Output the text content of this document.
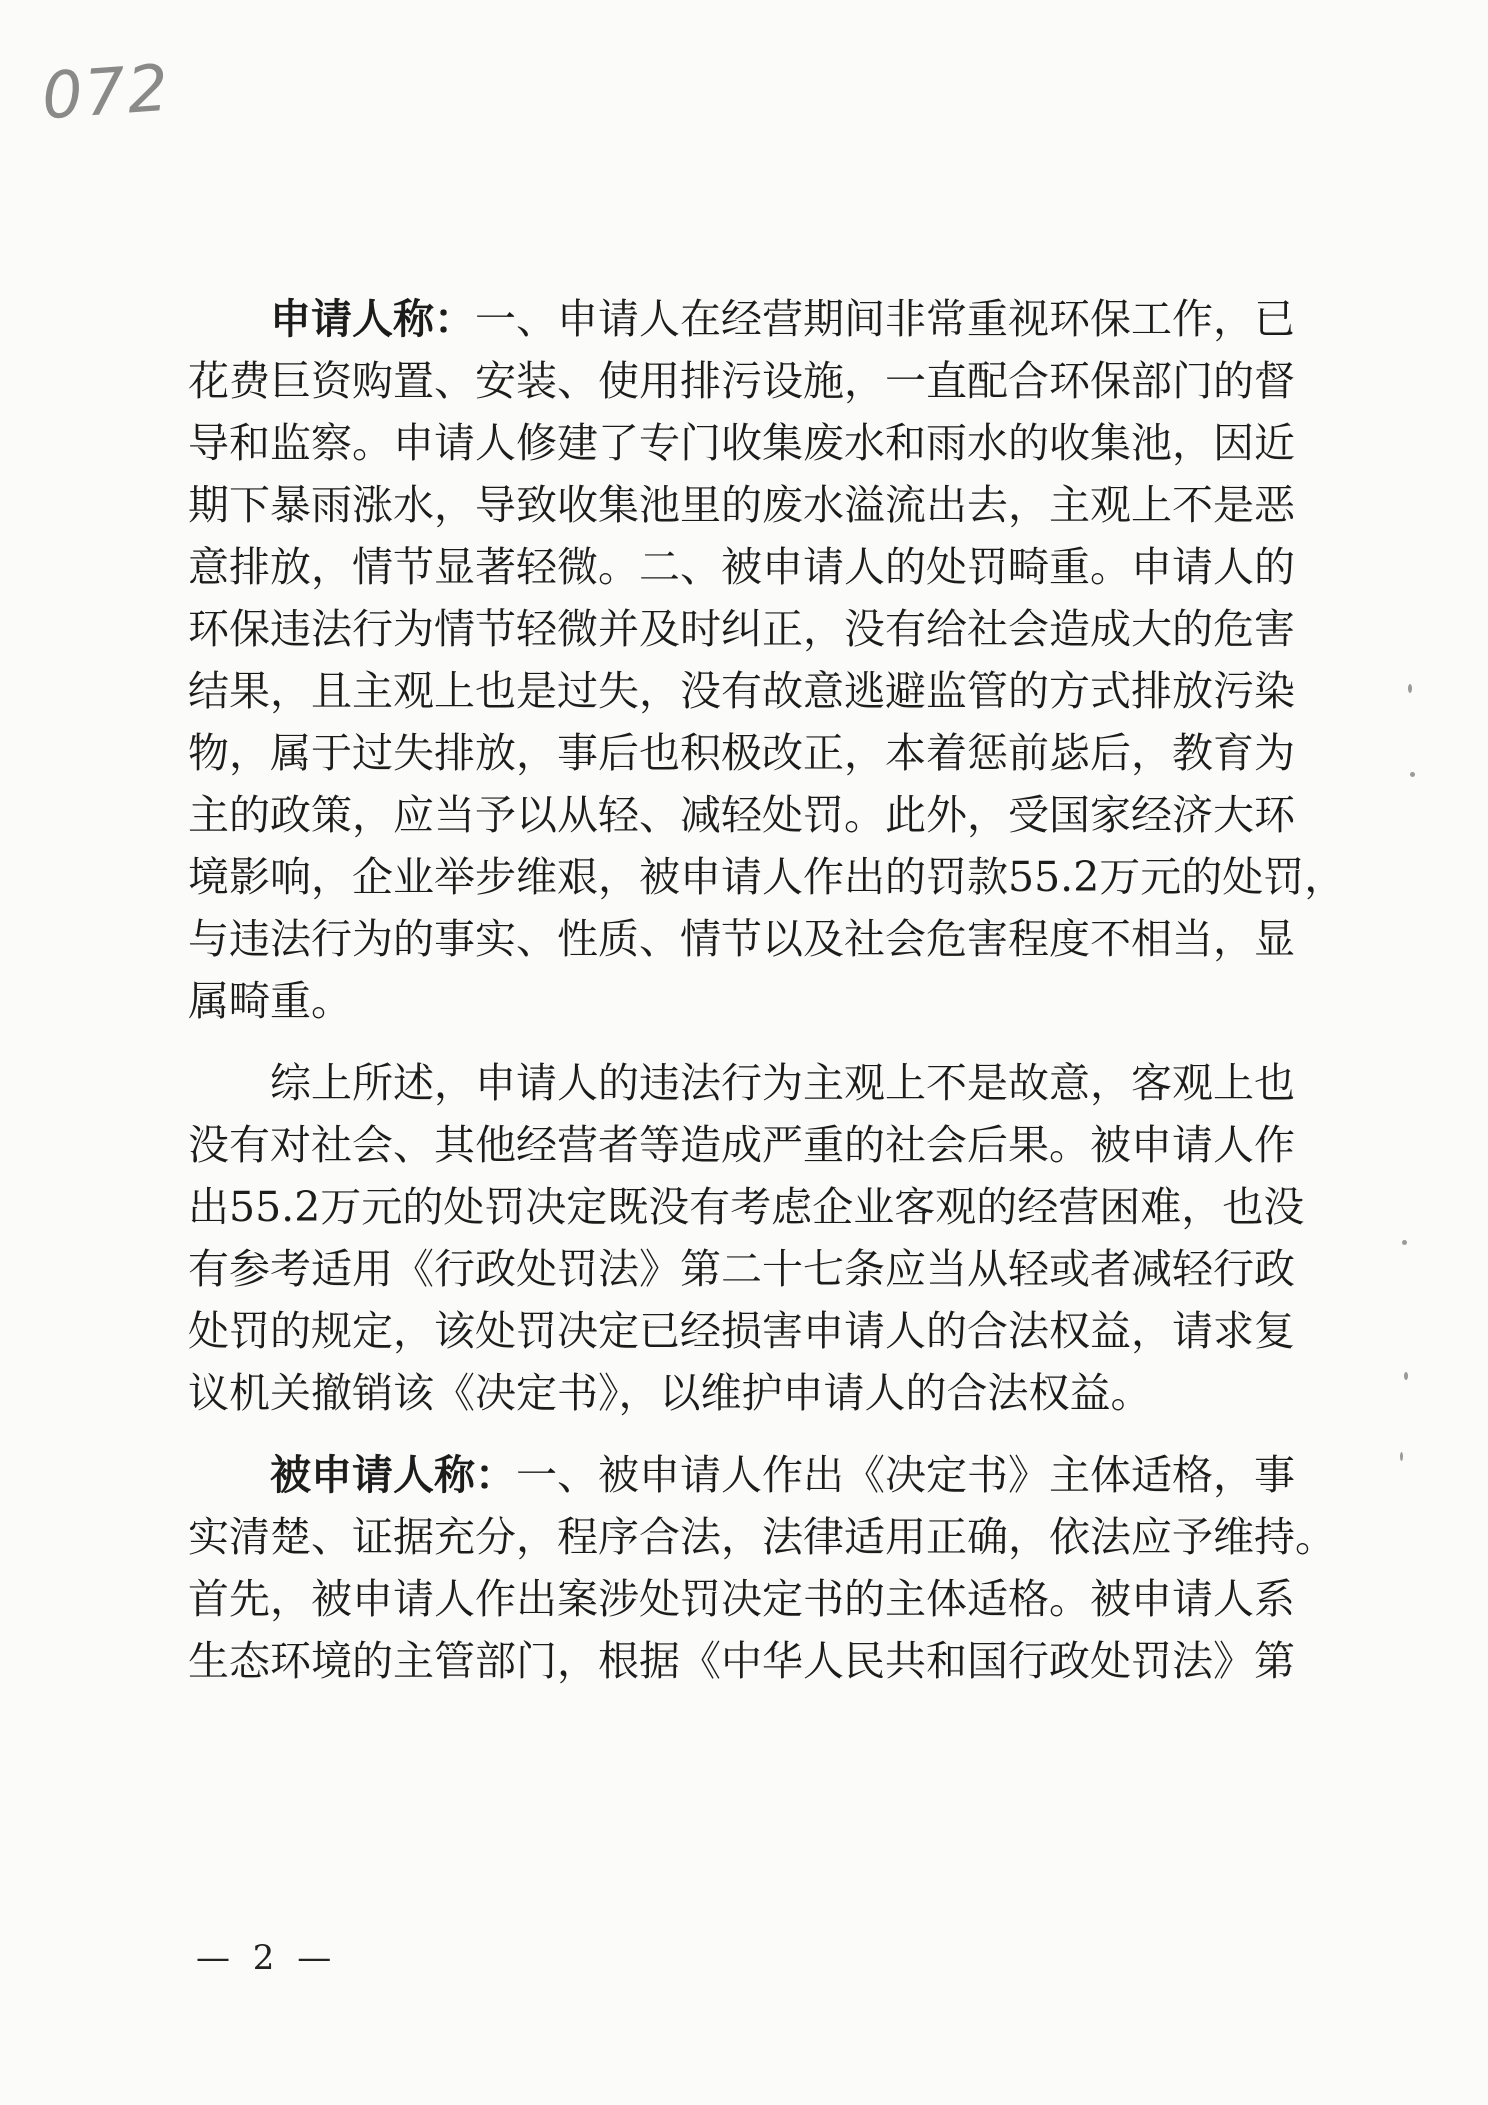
072
申请人称：一、申请人在经营期间非常重视环保工作，已
花费巨资购置、安装、使用排污设施，一直配合环保部门的督
导和监察。申请人修建了专门收集废水和雨水的收集池，因近
期下暴雨涨水，导致收集池里的废水溢流出去，主观上不是恶
意排放，情节显著轻微。二、被申请人的处罚畸重。申请人的
环保违法行为情节轻微并及时纠正，没有给社会造成大的危害
结果，且主观上也是过失，没有故意逃避监管的方式排放污染
物，属于过失排放，事后也积极改正，本着惩前毖后，教育为
主的政策，应当予以从轻、减轻处罚。此外，受国家经济大环
境影响，企业举步维艰，被申请人作出的罚款55.2万元的处罚，
与违法行为的事实、性质、情节以及社会危害程度不相当，显
属畸重。
综上所述，申请人的违法行为主观上不是故意，客观上也
没有对社会、其他经营者等造成严重的社会后果。被申请人作
出55.2万元的处罚决定既没有考虑企业客观的经营困难，也没
有参考适用《行政处罚法》第二十七条应当从轻或者减轻行政
处罚的规定，该处罚决定已经损害申请人的合法权益，请求复
议机关撤销该《决定书》，以维护申请人的合法权益。
被申请人称：一、被申请人作出《决定书》主体适格，事
实清楚、证据充分，程序合法，法律适用正确，依法应予维持。
首先，被申请人作出案涉处罚决定书的主体适格。被申请人系
生态环境的主管部门，根据《中华人民共和国行政处罚法》第
— 2 —
